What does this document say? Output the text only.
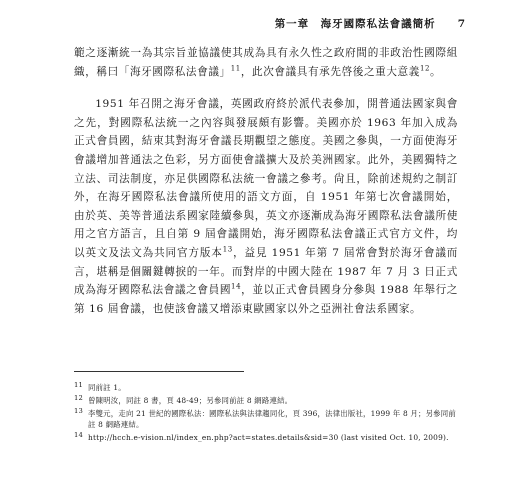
第一章　海牙國際私法會議簡析 7

範之逐漸統一為其宗旨並協議使其成為具有永久性之政府間的非政治性國際組織，稱曰「海牙國際私法會議」$^{11}$，此次會議具有承先啓後之重大意義$^{12}$。

1951 年召開之海牙會議，英國政府終於派代表參加，開普通法國家與會之先，對國際私法統一之內容與發展頗有影響。美國亦於 1963 年加入成為正式會員國，結束其對海牙會議長期觀望之態度。美國之參與，一方面使海牙會議增加普通法之色彩，另方面使會議擴大及於美洲國家。此外，美國獨特之立法、司法制度，亦足供國際私法統一會議之參考。尙且，除前述規約之制訂外，在海牙國際私法會議所使用的語文方面，自 1951 年第七次會議開始，由於英、美等普通法系國家陸續參與，英文亦逐漸成為海牙國際私法會議所使用之官方語言，且自第 9 屆會議開始，海牙國際私法會議正式官方文件，均以英文及法文為共同官方版本$^{13}$，益見 1951 年第 7 屆常會對於海牙會議而言，堪稱是個關鍵轉捩的一年。而對岸的中國大陸在 1987 年 7 月 3 日正式成為海牙國際私法會議之會員國$^{14}$，並以正式會員國身分參與 1988 年舉行之第 16 屆會議，也使該會議又增添東歐國家以外之亞洲社會法系國家。

11 同前註 1。
12 曾陳明汝，同註 8 書，頁 48-49；另參同前註 8 網路連結。
13 李雙元，走向 21 世紀的國際私法：國際私法與法律趨同化，頁 396，法律出版社，1999 年 8 月；另參同前註 8 網路連結。
14 http://hcch.e-vision.nl/index_en.php?act=states.details&sid=30 (last visited Oct. 10, 2009).
